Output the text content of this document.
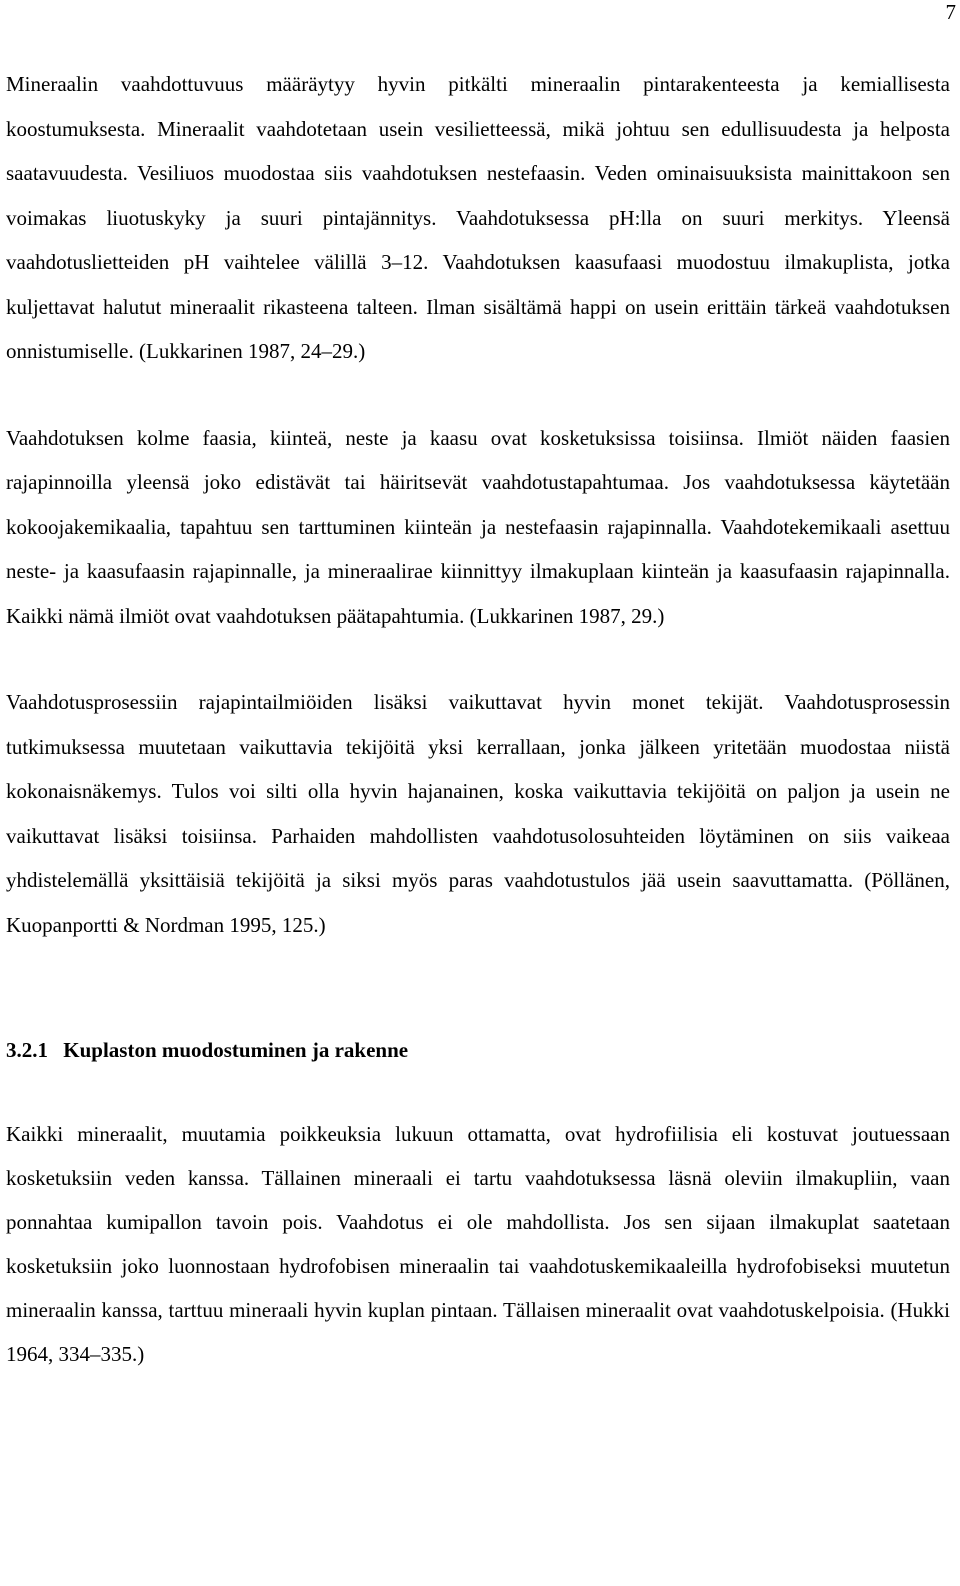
7

Mineraalin vaahdottuvuus määräytyy hyvin pitkälti mineraalin pintarakenteesta ja kemiallisesta koostumuksesta. Mineraalit vaahdotetaan usein vesilietteessä, mikä johtuu sen edullisuudesta ja helposta saatavuudesta. Vesiliuos muodostaa siis vaahdotuksen nestefaasin. Veden ominaisuuksista mainittakoon sen voimakas liuotuskyky ja suuri pintajännitys. Vaahdotuksessa pH:lla on suuri merkitys. Yleensä vaahdotuslietteiden pH vaihtelee välillä 3–12. Vaahdotuksen kaasufaasi muodostuu ilmakuplista, jotka kuljettavat halutut mineraalit rikasteena talteen. Ilman sisältämä happi on usein erittäin tärkeä vaahdotuksen onnistumiselle. (Lukkarinen 1987, 24–29.)

Vaahdotuksen kolme faasia, kiinteä, neste ja kaasu ovat kosketuksissa toisiinsa. Ilmiöt näiden faasien rajapinnoilla yleensä joko edistävät tai häiritsevät vaahdotustapahtumaa. Jos vaahdotuksessa käytetään kokoojakemikaalia, tapahtuu sen tarttuminen kiinteän ja nestefaasin rajapinnalla. Vaahdotekemikaali asettuu neste- ja kaasufaasin rajapinnalle, ja mineraalirae kiinnittyy ilmakuplaan kiinteän ja kaasufaasin rajapinnalla. Kaikki nämä ilmiöt ovat vaahdotuksen päätapahtumia. (Lukkarinen 1987, 29.)

Vaahdotusprosessiin rajapintailmiöiden lisäksi vaikuttavat hyvin monet tekijät. Vaahdotusprosessin tutkimuksessa muutetaan vaikuttavia tekijöitä yksi kerrallaan, jonka jälkeen yritetään muodostaa niistä kokonaisnäkemys. Tulos voi silti olla hyvin hajanainen, koska vaikuttavia tekijöitä on paljon ja usein ne vaikuttavat lisäksi toisiinsa. Parhaiden mahdollisten vaahdotusolosuhteiden löytäminen on siis vaikeaa yhdistelemällä yksittäisiä tekijöitä ja siksi myös paras vaahdotustulos jää usein saavuttamatta. (Pöllänen, Kuopanportti & Nordman 1995, 125.)

3.2.1 Kuplaston muodostuminen ja rakenne

Kaikki mineraalit, muutamia poikkeuksia lukuun ottamatta, ovat hydrofiilisia eli kostuvat joutuessaan kosketuksiin veden kanssa. Tällainen mineraali ei tartu vaahdotuksessa läsnä oleviin ilmakupliin, vaan ponnahtaa kumipallon tavoin pois. Vaahdotus ei ole mahdollista. Jos sen sijaan ilmakuplat saatetaan kosketuksiin joko luonnostaan hydrofobisen mineraalin tai vaahdotuskemikaaleilla hydrofobiseksi muutetun mineraalin kanssa, tarttuu mineraali hyvin kuplan pintaan. Tällaisen mineraalit ovat vaahdotuskelpoisia. (Hukki 1964, 334–335.)
